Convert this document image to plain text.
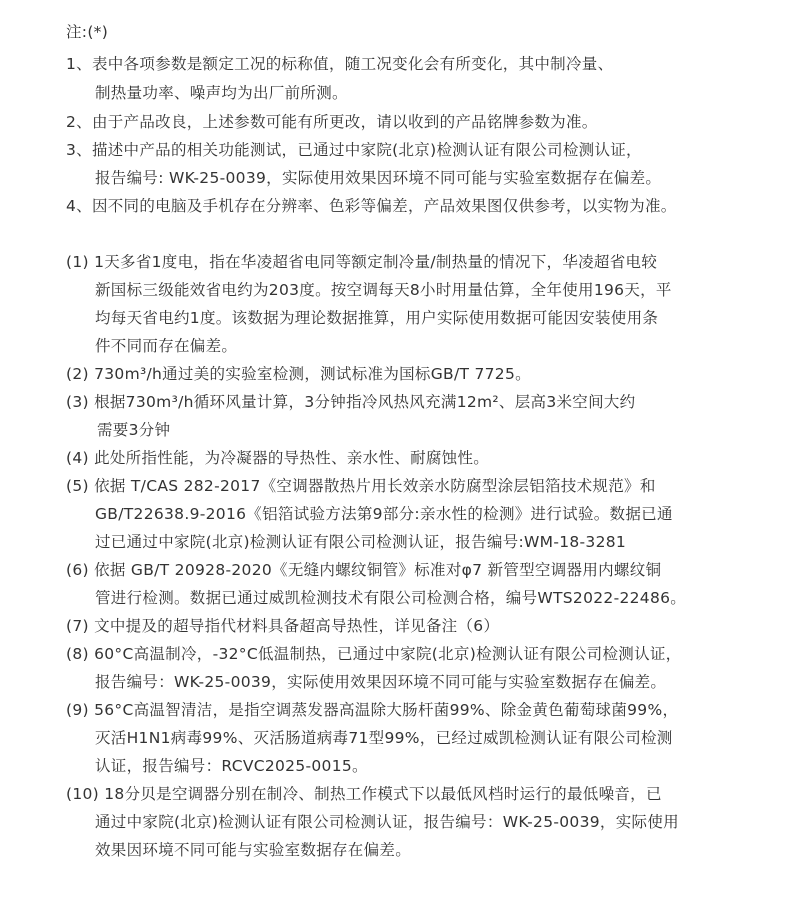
注:(*)
1、表中各项参数是额定工况的标称值，随工况变化会有所变化，其中制冷量、
制热量功率、噪声均为出厂前所测。
2、由于产品改良，上述参数可能有所更改，请以收到的产品铭牌参数为准。
3、描述中产品的相关功能测试，已通过中家院(北京)检测认证有限公司检测认证，
报告编号: WK-25-0039，实际使用效果因环境不同可能与实验室数据存在偏差。
4、因不同的电脑及手机存在分辨率、色彩等偏差，产品效果图仅供参考，以实物为准。
(1) 1天多省1度电，指在华凌超省电同等额定制冷量/制热量的情况下，华凌超省电较
新国标三级能效省电约为203度。按空调每天8小时用量估算，全年使用196天，平
均每天省电约1度。该数据为理论数据推算，用户实际使用数据可能因安装使用条
件不同而存在偏差。
(2) 730m³/h通过美的实验室检测，测试标准为国标GB/T 7725。
(3) 根据730m³/h循环风量计算，3分钟指冷风热风充满12m²、层高3米空间大约
需要3分钟
(4) 此处所指性能，为冷凝器的导热性、亲水性、耐腐蚀性。
(5) 依据 T/CAS 282-2017《空调器散热片用长效亲水防腐型涂层铝箔技术规范》和
GB/T22638.9-2016《铝箔试验方法第9部分:亲水性的检测》进行试验。数据已通
过已通过中家院(北京)检测认证有限公司检测认证，报告编号:WM-18-3281
(6) 依据 GB/T 20928-2020《无缝内螺纹铜管》标准对φ7 新管型空调器用内螺纹铜
管进行检测。数据已通过威凯检测技术有限公司检测合格，编号WTS2022-22486。
(7) 文中提及的超导指代材料具备超高导热性，详见备注（6）
(8) 60°C高温制冷，-32°C低温制热，已通过中家院(北京)检测认证有限公司检测认证，
报告编号：WK-25-0039，实际使用效果因环境不同可能与实验室数据存在偏差。
(9) 56°C高温智清洁，是指空调蒸发器高温除大肠杆菌99%、除金黄色葡萄球菌99%，
灭活H1N1病毒99%、灭活肠道病毒71型99%，已经过威凯检测认证有限公司检测
认证，报告编号：RCVC2025-0015。
(10) 18分贝是空调器分别在制冷、制热工作模式下以最低风档时运行的最低噪音，已
通过中家院(北京)检测认证有限公司检测认证，报告编号：WK-25-0039，实际使用
效果因环境不同可能与实验室数据存在偏差。
